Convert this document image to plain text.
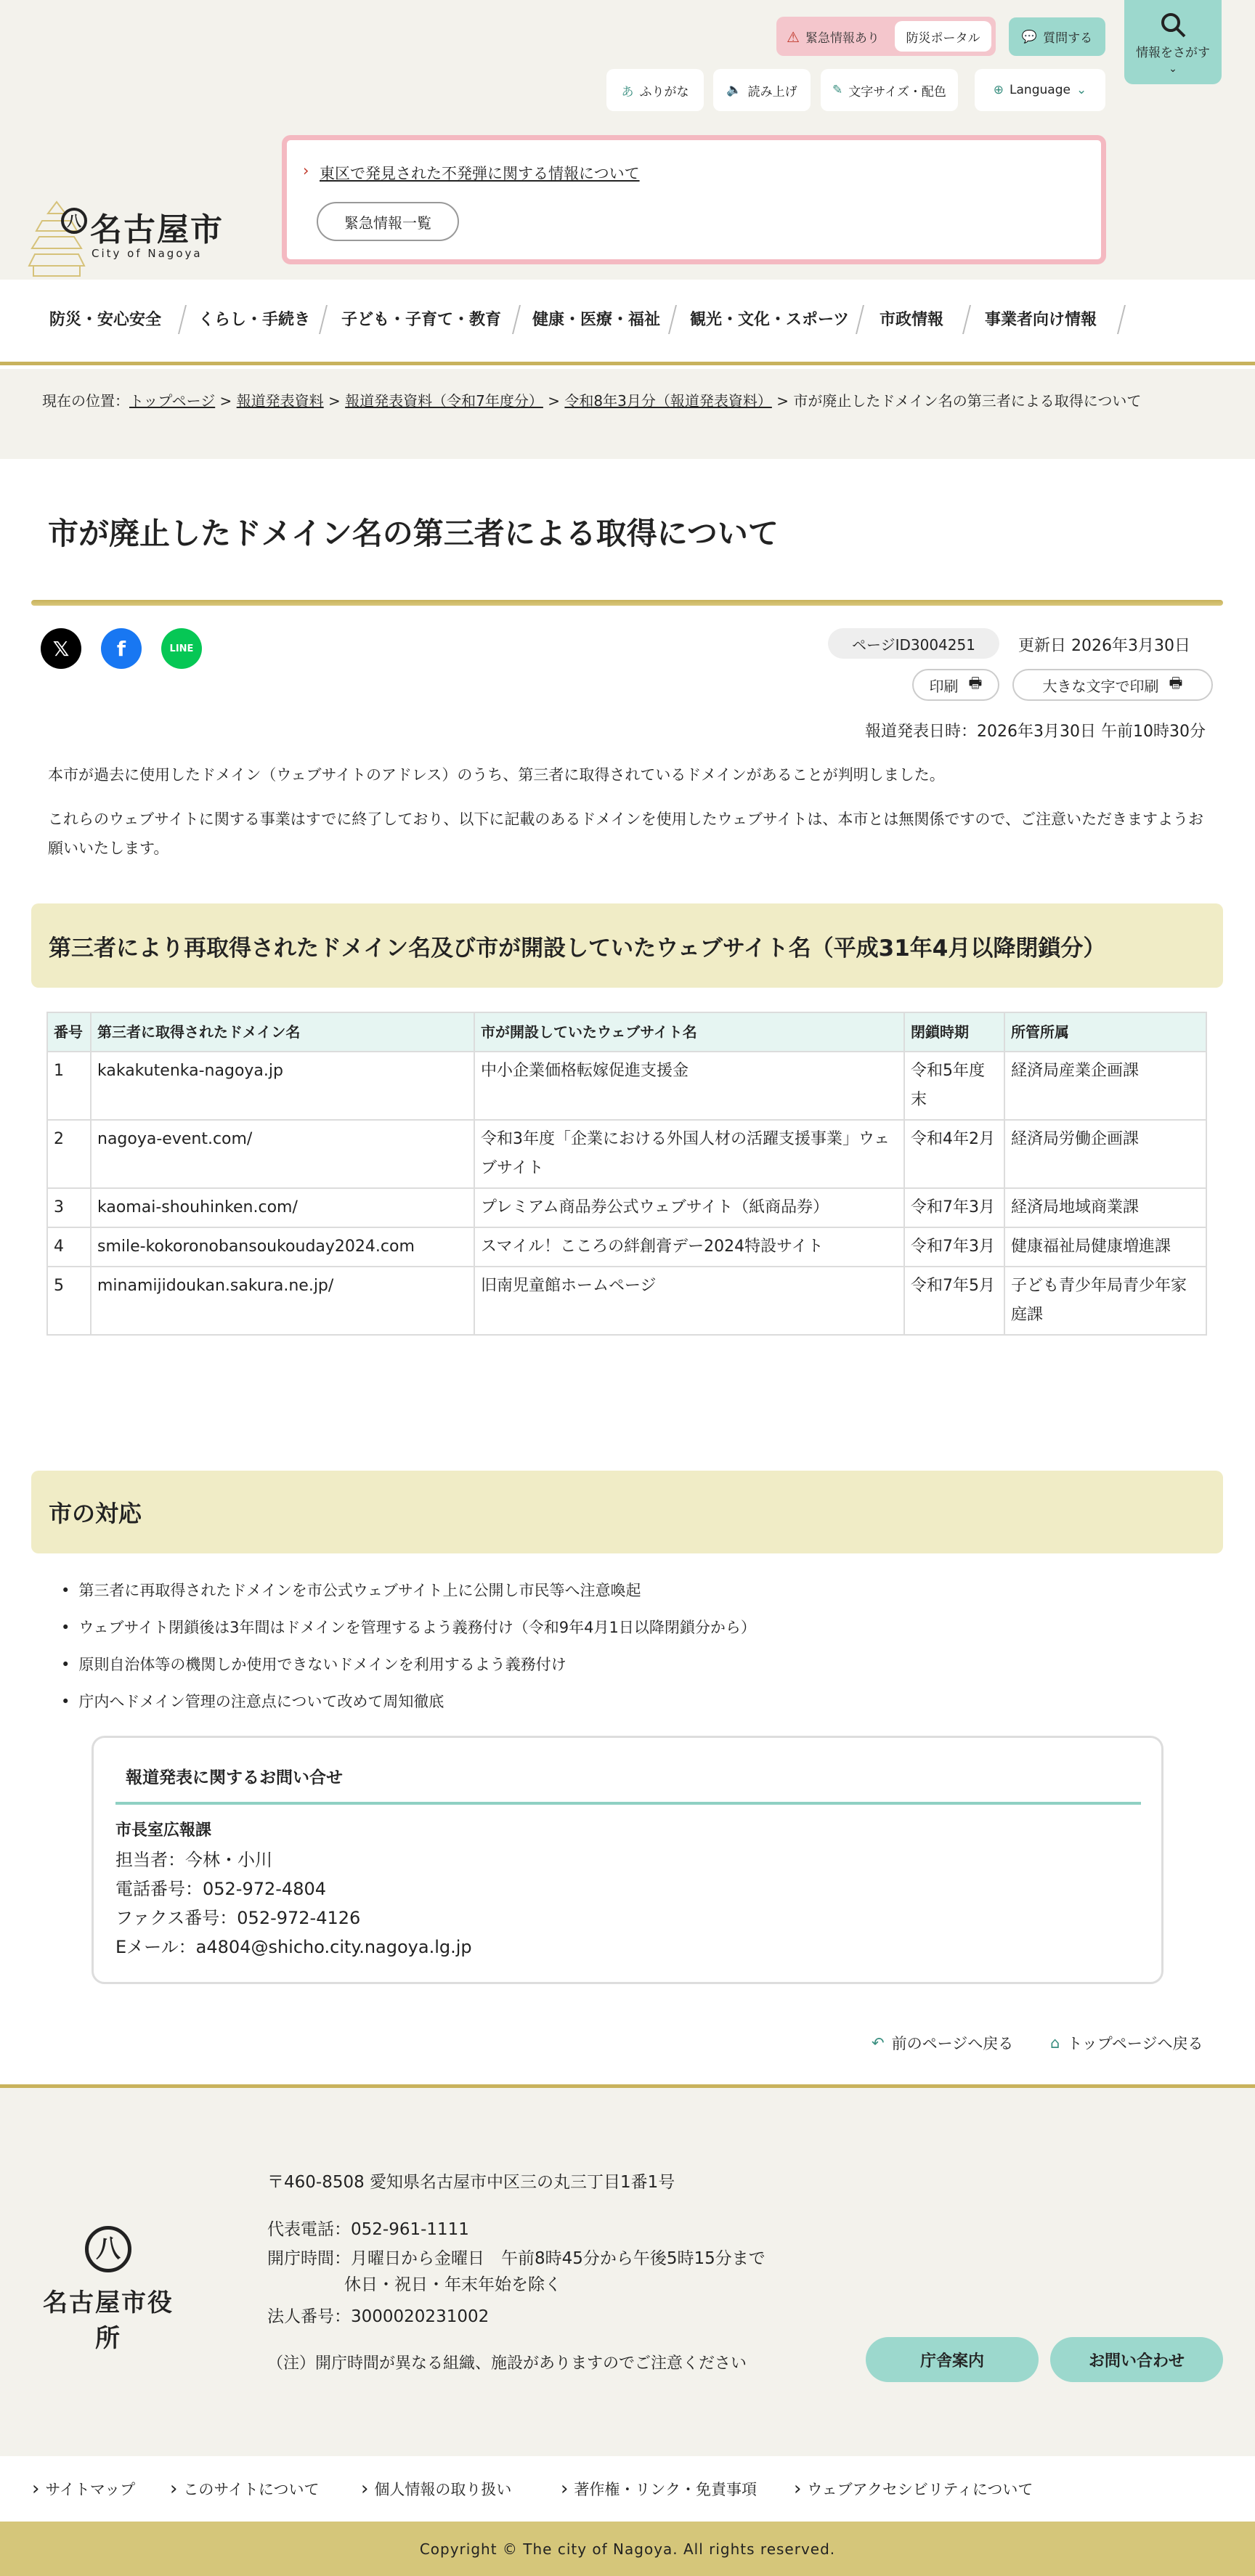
⚠ 緊急情報あり	防災ポータル	💬 質問する
情報をさがす
⌄
あ ふりがな	🔈 読み上げ	✎ 文字サイズ・配色	⊕ Language ⌄
八 名古屋市
City of Nagoya
› 東区で発見された不発弾に関する情報について
緊急情報一覧
防災・安心安全 くらし・手続き 子ども・子育て・教育 健康・医療・福祉 観光・文化・スポーツ 市政情報	事業者向け情報
現在の位置：トップページ > 報道発表資料 > 報道発表資料（令和7年度分） > 令和8年3月分（報道発表資料） > 市が廃止したドメイン名の第三者による取得について
市が廃止したドメイン名の第三者による取得について
𝕏	f	LINE	ページID3004251	更新日 2026年3月30日
印刷 🖶	大きな文字で印刷 🖶
報道発表日時：2026年3月30日 午前10時30分

本市が過去に使用したドメイン（ウェブサイトのアドレス）のうち、第三者に取得されているドメインがあることが判明しました。

これらのウェブサイトに関する事業はすでに終了しており、以下に記載のあるドメインを使用したウェブサイトは、本市とは無関係ですので、ご注意いただきますようお願いいたします。

第三者により再取得されたドメイン名及び市が開設していたウェブサイト名（平成31年4月以降閉鎖分）
番号	第三者に取得されたドメイン名	市が開設していたウェブサイト名	閉鎖時期	所管所属
1	kakakutenka-nagoya.jp	中小企業価格転嫁促進支援金	令和5年度末	経済局産業企画課
2	nagoya-event.com/	令和3年度「企業における外国人材の活躍支援事業」ウェブサイト	令和4年2月	経済局労働企画課
3	kaomai-shouhinken.com/	プレミアム商品券公式ウェブサイト（紙商品券）	令和7年3月	経済局地域商業課
4	smile-kokoronobansoukouday2024.com	スマイル！こころの絆創膏デー2024特設サイト	令和7年3月	健康福祉局健康増進課
5	minamijidoukan.sakura.ne.jp/	旧南児童館ホームページ	令和7年5月	子ども青少年局青少年家庭課
市の対応
• 第三者に再取得されたドメインを市公式ウェブサイト上に公開し市民等へ注意喚起
• ウェブサイト閉鎖後は3年間はドメインを管理するよう義務付け（令和9年4月1日以降閉鎖分から）
• 原則自治体等の機関しか使用できないドメインを利用するよう義務付け
• 庁内へドメイン管理の注意点について改めて周知徹底
報道発表に関するお問い合せ
市長室広報課
担当者：今林・小川
電話番号：052-972-4804
ファクス番号：052-972-4126
Eメール：a4804@shicho.city.nagoya.lg.jp
↶ 前のページへ戻る ⌂ トップページへ戻る
八
名古屋市役所
〒460-8508 愛知県名古屋市中区三の丸三丁目1番1号
代表電話：052-961-1111
開庁時間：月曜日から金曜日　午前8時45分から午後5時15分まで
休日・祝日・年末年始を除く
法人番号：3000020231002
（注）開庁時間が異なる組織、施設がありますのでご注意ください	庁舎案内	お問い合わせ
› サイトマップ	› このサイトについて	› 個人情報の取り扱い	› 著作権・リンク・免責事項	› ウェブアクセシビリティについて
Copyright © The city of Nagoya. All rights reserved.
